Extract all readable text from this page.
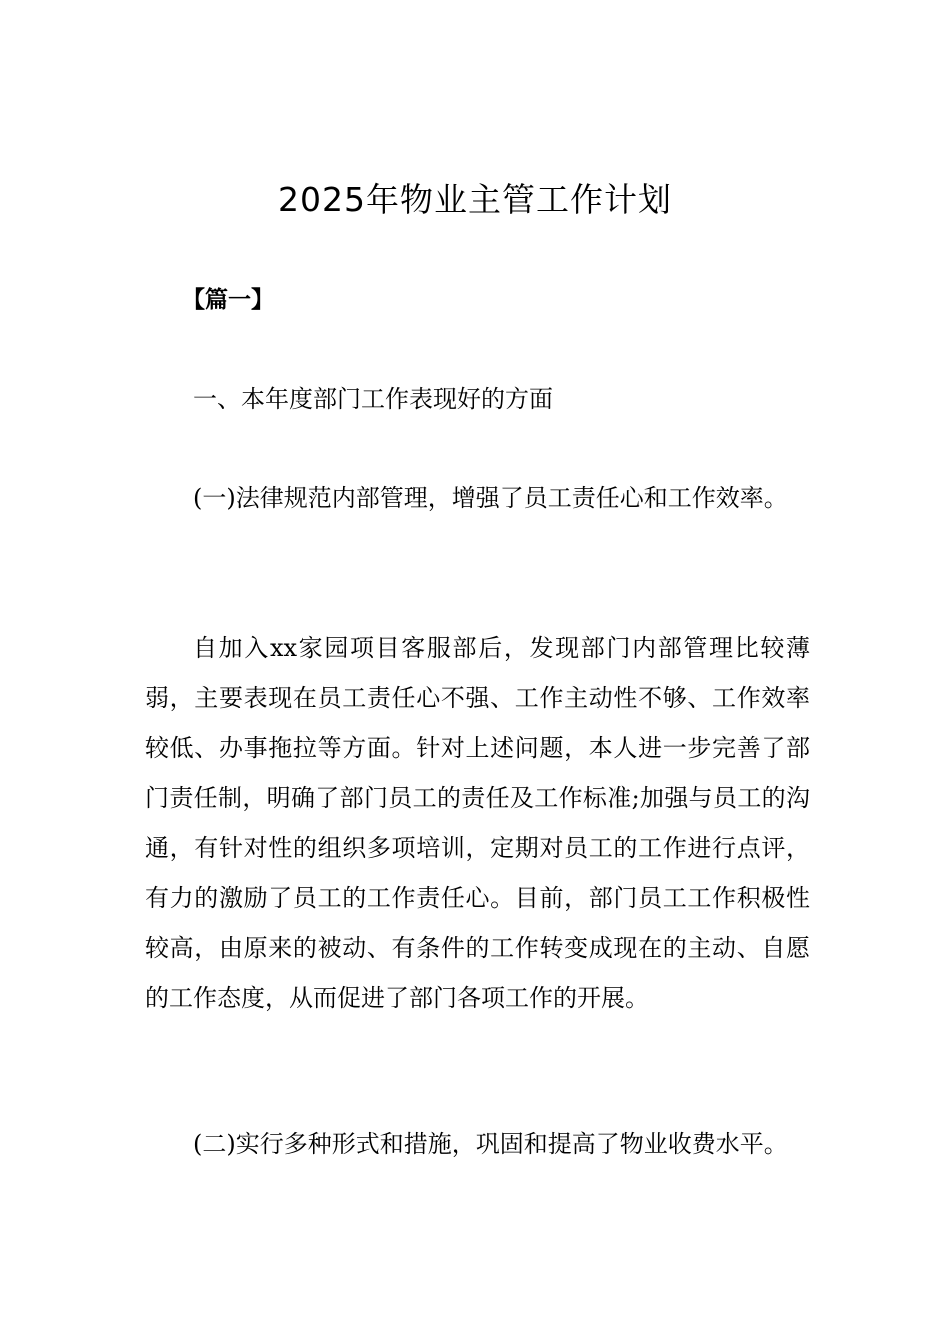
2025年物业主管工作计划
【篇一】

一、本年度部门工作表现好的方面

(一)法律规范内部管理，增强了员工责任心和工作效率。

自加入xx家园项目客服部后，发现部门内部管理比较薄弱，主要表现在员工责任心不强、工作主动性不够、工作效率较低、办事拖拉等方面。针对上述问题，本人进一步完善了部门责任制，明确了部门员工的责任及工作标准;加强与员工的沟通，有针对性的组织多项培训，定期对员工的工作进行点评，有力的激励了员工的工作责任心。目前，部门员工工作积极性较高，由原来的被动、有条件的工作转变成现在的主动、自愿的工作态度，从而促进了部门各项工作的开展。

(二)实行多种形式和措施，巩固和提高了物业收费水平。
